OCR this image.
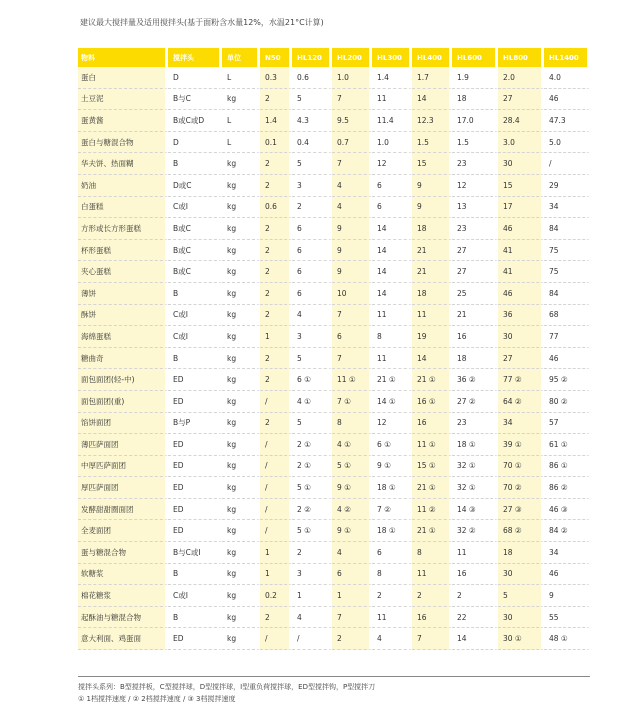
建议最大搅拌量及适用搅拌头(基于面粉含水量12%，水温21°C计算)
物料	搅拌头	单位	N50	HL120	HL200	HL300	HL400	HL600	HL800	HL1400
蛋白	D	L	0.3	0.6	1.0	1.4	1.7	1.9	2.0	4.0
土豆泥	B与C	kg	2	5	7	11	14	18	27	46
蛋黄酱	B或C或D	L	1.4	4.3	9.5	11.4	12.3	17.0	28.4	47.3
蛋白与糖混合物	D	L	0.1	0.4	0.7	1.0	1.5	1.5	3.0	5.0
华夫饼、热面糊	B	kg	2	5	7	12	15	23	30	/
奶油	D或C	kg	2	3	4	6	9	12	15	29
白蛋糕	C或I	kg	0.6	2	4	6	9	13	17	34
方形或长方形蛋糕	B或C	kg	2	6	9	14	18	23	46	84
杯形蛋糕	B或C	kg	2	6	9	14	21	27	41	75
夹心蛋糕	B或C	kg	2	6	9	14	21	27	41	75
薄饼	B	kg	2	6	10	14	18	25	46	84
酥饼	C或I	kg	2	4	7	11	11	21	36	68
海绵蛋糕	C或I	kg	1	3	6	8	19	16	30	77
糖曲奇	B	kg	2	5	7	11	14	18	27	46
面包面团(轻-中)	ED	kg	2	6 ①	11 ①	21 ①	21 ①	36 ②	77 ②	95 ②
面包面团(重)	ED	kg	/	4 ①	7 ①	14 ①	16 ①	27 ②	64 ②	80 ②
馅饼面团	B与P	kg	2	5	8	12	16	23	34	57
薄匹萨面团	ED	kg	/	2 ①	4 ①	6 ①	11 ①	18 ①	39 ①	61 ①
中厚匹萨面团	ED	kg	/	2 ①	5 ①	9 ①	15 ①	32 ①	70 ①	86 ①
厚匹萨面团	ED	kg	/	5 ①	9 ①	18 ①	21 ①	32 ①	70 ②	86 ②
发酵甜甜圈面团	ED	kg	/	2 ②	4 ②	7 ②	11 ②	14 ③	27 ③	46 ③
全麦面团	ED	kg	/	5 ①	9 ①	18 ①	21 ①	32 ②	68 ②	84 ②
蛋与糖混合物	B与C或I	kg	1	2	4	6	8	11	18	34
软糖浆	B	kg	1	3	6	8	11	16	30	46
棉花糖浆	C或I	kg	0.2	1	1	2	2	2	5	9
起酥油与糖混合物	B	kg	2	4	7	11	16	22	30	55
意大利面、鸡蛋面	ED	kg	/	/	2	4	7	14	30 ①	48 ①
搅拌头系列：B型搅拌板，C型搅拌球，D型搅拌球，I型重负荷搅拌球，ED型搅拌钩，P型搅拌刀
① 1档搅拌速度 / ② 2档搅拌速度 / ③ 3档搅拌速度
